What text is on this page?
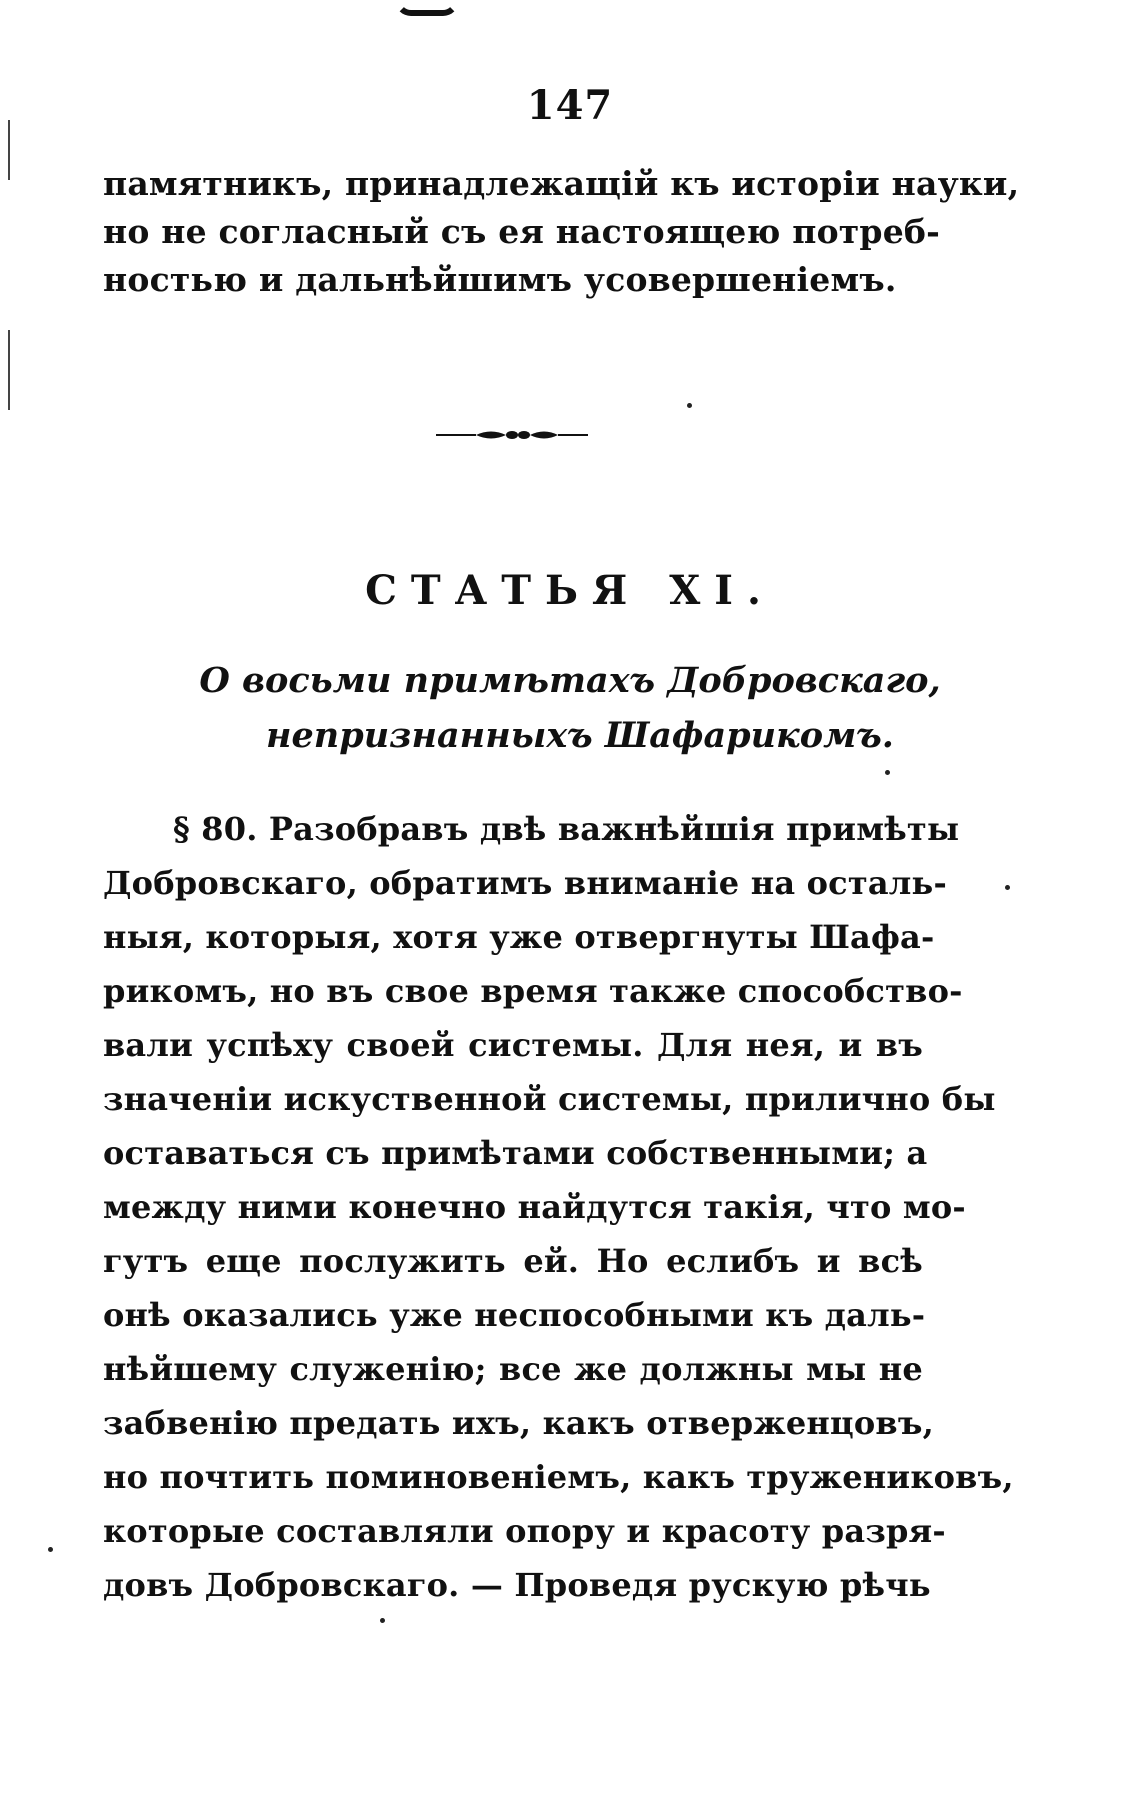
147
памятникъ, принадлежащій къ исторіи науки,
но не согласный съ ея настоящею потреб-
ностью и дальнѣйшимъ усовершеніемъ.
СТАТЬЯ XI.
О восьми примѣтахъ Добровскаго,
непризнанныхъ Шафарикомъ.
§ 80. Разобравъ двѣ важнѣйшія примѣты
Добровскаго, обратимъ вниманіе на осталь-
ныя, которыя, хотя уже отвергнуты Шафа-
рикомъ, но въ свое время также способство-
вали успѣху своей системы. Для нея, и въ
значеніи искуственной системы, прилично бы
оставаться съ примѣтами собственными; а
между ними конечно найдутся такія, что мо-
гутъ еще послужить ей. Но еслибъ и всѣ
онѣ оказались уже неспособными къ даль-
нѣйшему служенію; все же должны мы не
забвенію предать ихъ, какъ отверженцовъ,
но почтить поминовеніемъ, какъ тружениковъ,
которые составляли опору и красоту разря-
довъ Добровскаго. — Проведя рускую рѣчь
